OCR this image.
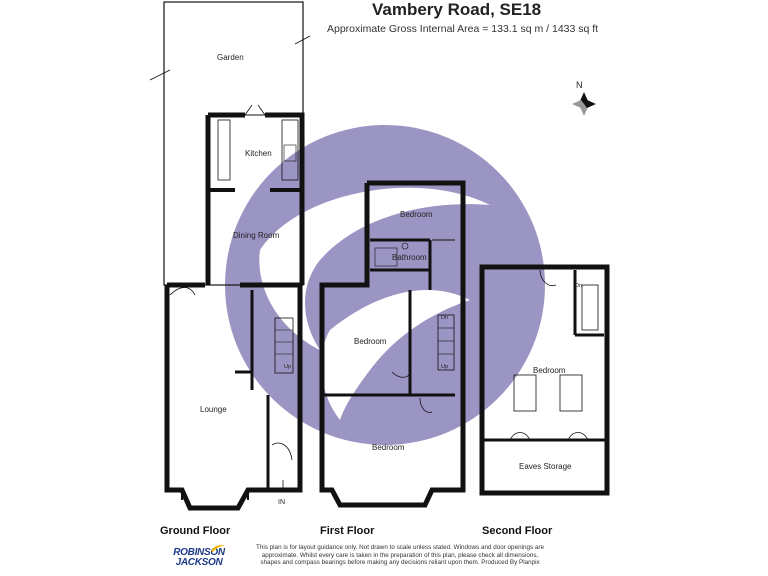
Vambery Road, SE18
Approximate Gross Internal Area = 133.1 sq m / 1433 sq ft
N
Garden
Kitchen
Dining Room
Lounge
Up
IN
Bedroom
Bathroom
Bedroom
Bedroom
Dn
Up	Bedroom
Eaves Storage
Dn
Ground Floor	First Floor	Second Floor
ROBINSON
JACKSON
This plan is for layout guidance only. Not drawn to scale unless stated. Windows and door openings are approximate. Whilst every care is taken in the preparation of this plan, please check all dimensions, shapes and compass bearings before making any decisions reliant upon them. Produced By Planpix
